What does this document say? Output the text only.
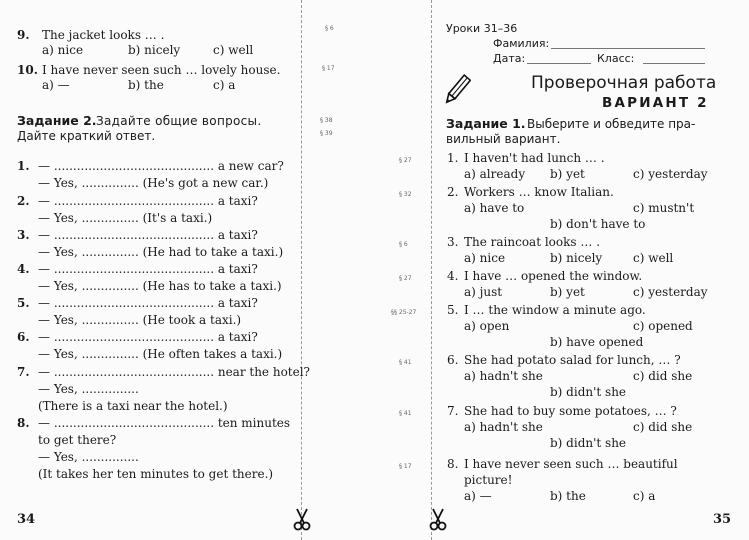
9. The jacket looks … .
a) nice	b) nicely	c) well
10. I have never seen such … lovely house.
a) —	b) the	c) a
§ 6
§ 17
§ 38
§ 39
Задание 2. Задайте общие вопросы.
Дайте краткий ответ.
1. — .......................................... a new car?
— Yes, ............... (He's got a new car.)
2. — .......................................... a taxi?
— Yes, ............... (It's a taxi.)
3. — .......................................... a taxi?
— Yes, ............... (He had to take a taxi.)
4. — .......................................... a taxi?
— Yes, ............... (He has to take a taxi.)
5. — .......................................... a taxi?
— Yes, ............... (He took a taxi.)
6. — .......................................... a taxi?
— Yes, ............... (He often takes a taxi.)
7. — .......................................... near the hotel?
— Yes, ...............
(There is a taxi near the hotel.)
8. — .......................................... ten minutes
to get there?
— Yes, ...............
(It takes her ten minutes to get there.)
34
Уроки 31–36
Фамилия:
Дата:	Класс:
Проверочная работа
ВАРИАНТ 2
Задание 1. Выберите и обведите пра-
вильный вариант.
§ 27	1. I haven't had lunch … .
a) already b) yet	c) yesterday
§ 32	2. Workers … know Italian.
a) have to	c) mustn't
b) don't have to
§ 6	3. The raincoat looks … .
a) nice	b) nicely	c) well
§ 27	4. I have … opened the window.
a) just	b) yet	c) yesterday
§§ 25-27	5. I … the window a minute ago.
a) open	c) opened
b) have opened
§ 41	6. She had potato salad for lunch, … ?
a) hadn't she	c) did she
b) didn't she
§ 41	7. She had to buy some potatoes, … ?
a) hadn't she	c) did she
b) didn't she
§ 17	8. I have never seen such … beautiful
picture!
a) —	b) the	c) a
35
